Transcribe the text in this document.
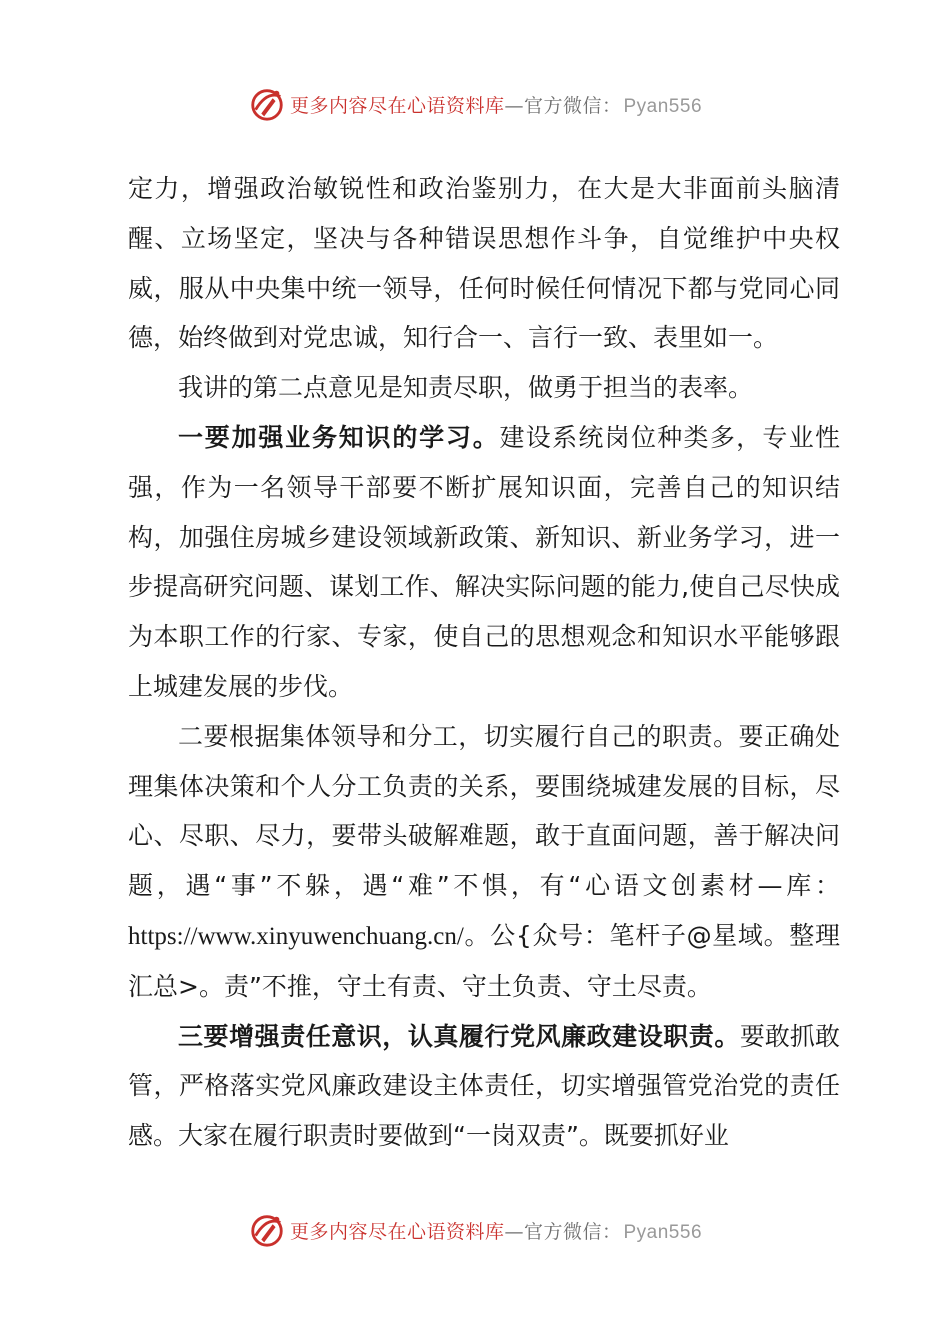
更多内容尽在心语资料库—官方微信： Pyan556

定力，增强政治敏锐性和政治鉴别力，在大是大非面前头脑清醒、立场坚定，坚决与各种错误思想作斗争，自觉维护中央权威，服从中央集中统一领导，任何时候任何情况下都与党同心同德，始终做到对党忠诚，知行合一、言行一致、表里如一。

我讲的第二点意见是知责尽职，做勇于担当的表率。

一要加强业务知识的学习。建设系统岗位种类多，专业性强，作为一名领导干部要不断扩展知识面，完善自己的知识结构，加强住房城乡建设领域新政策、新知识、新业务学习，进一步提高研究问题、谋划工作、解决实际问题的能力,使自己尽快成为本职工作的行家、专家，使自己的思想观念和知识水平能够跟上城建发展的步伐。

二要根据集体领导和分工，切实履行自己的职责。要正确处理集体决策和个人分工负责的关系，要围绕城建发展的目标，尽心、尽职、尽力，要带头破解难题，敢于直面问题，善于解决问题，遇“事”不躲，遇“难”不惧，有“心语文创素材—库：https://www.xinyuwenchuang.cn/。公{众号：笔杆子@星域。整理汇总>。责”不推，守土有责、守土负责、守土尽责。

三要增强责任意识，认真履行党风廉政建设职责。要敢抓敢管，严格落实党风廉政建设主体责任，切实增强管党治党的责任感。大家在履行职责时要做到“一岗双责”。既要抓好业

更多内容尽在心语资料库—官方微信： Pyan556
